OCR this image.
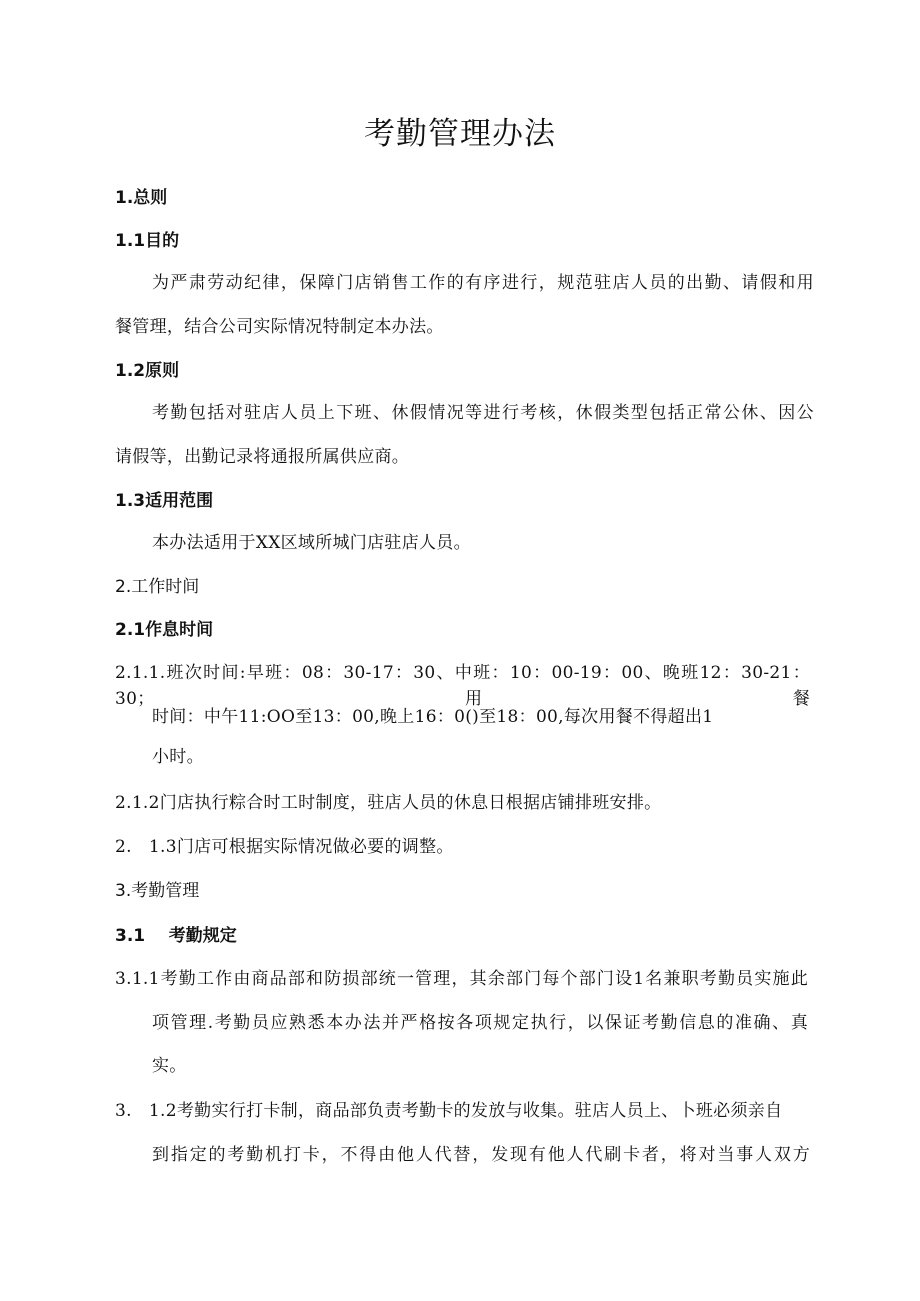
考勤管理办法
1.总则
1.1目的
为严肃劳动纪律，保障门店销售工作的有序进行，规范驻店人员的出勤、请假和用
餐管理，结合公司实际情况特制定本办法。
1.2原则
考勤包括对驻店人员上下班、休假情况等进行考核，休假类型包括正常公休、因公
请假等，出勤记录将通报所属供应商。
1.3适用范围
本办法适用于XX区域所城门店驻店人员。
2.工作时间
2.1作息时间
2.1.1.班次时间:早班：08：30-17：30、中班：10：00-19：00、晚班12：30-21：30；用餐
时间：中午11:OO至13：00,晚上16：0()至18：00,每次用餐不得超出1
小时。
2.1.2门店执行粽合时工时制度，驻店人员的休息日根据店铺排班安排。
2.   1.3门店可根据实际情况做必要的调整。
3.考勤管理
3.1    考勤规定
3.1.1考勤工作由商品部和防损部统一管理，其余部门每个部门设1名兼职考勤员实施此
项管理.考勤员应熟悉本办法并严格按各项规定执行，以保证考勤信息的准确、真
实。
3.   1.2考勤实行打卡制，商品部负责考勤卡的发放与收集。驻店人员上、卜班必须亲自
到指定的考勤机打卡，不得由他人代替，发现有他人代刷卡者，将对当事人双方
